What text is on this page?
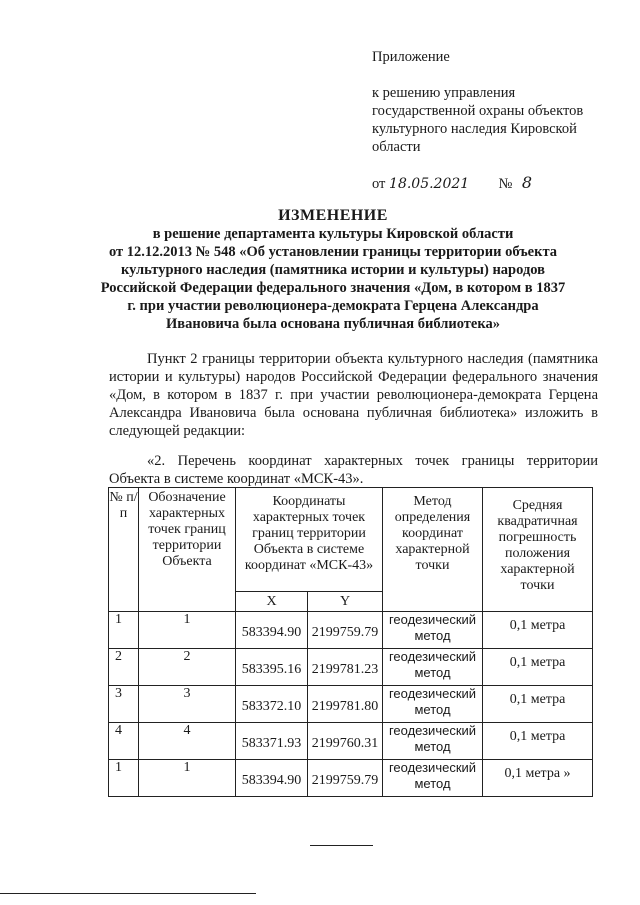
Приложение
к решению управления
государственной охраны объектов
культурного наследия Кировской
области
от 18.05.2021 № 8
ИЗМЕНЕНИЕ
в решение департамента культуры Кировской области
от 12.12.2013 № 548 «Об установлении границы территории объекта
культурного наследия (памятника истории и культуры) народов
Российской Федерации федерального значения «Дом, в котором в 1837
г. при участии революционера-демократа Герцена Александра
Ивановича была основана публичная библиотека»
Пункт 2 границы территории объекта культурного наследия (памятника истории и культуры) народов Российской Федерации федерального значения «Дом, в котором в 1837 г. при участии революционера-демократа Герцена Александра Ивановича была основана публичная библиотека» изложить в следующей редакции:
«2. Перечень координат характерных точек границы территории Объекта в системе координат «МСК-43».
№ п/п	Обозначение характерных точек границ территории Объекта	Координаты характерных точек границ территории Объекта в системе координат «МСК-43»		Метод определения координат характерной точки	Средняя квадратичная погрешность положения характерной точки
		X	Y		
1	1	583394.90	2199759.79	геодезический метод	0,1 метра
2	2	583395.16	2199781.23	геодезический метод	0,1 метра
3	3	583372.10	2199781.80	геодезический метод	0,1 метра
4	4	583371.93	2199760.31	геодезический метод	0,1 метра
1	1	583394.90	2199759.79	геодезический метод	0,1 метра »
